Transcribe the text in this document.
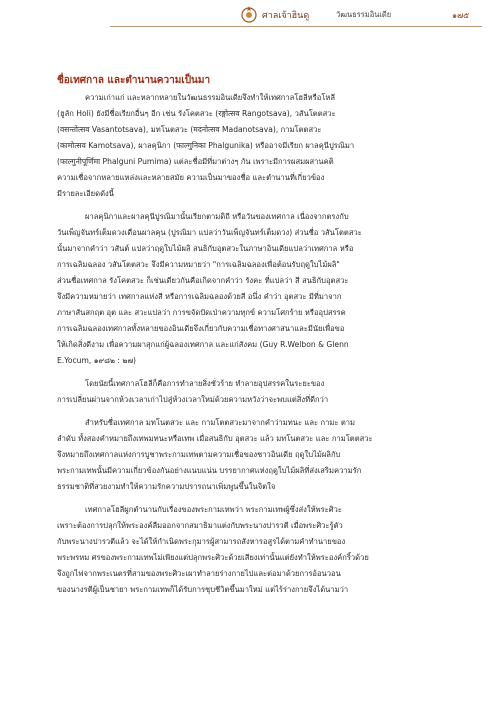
ศาลเจ้าฮินดู	วัฒนธรรมอินเดีย	๑๗๕
ชื่อเทศกาล และตำนานความเป็นมา

ความเก่าแก่ และหลากหลายในวัฒนธรรมอินเดียจึงทำให้เทศกาลโฮลีหรือโหลี
(ฮูลัก Holi) ยังมีชื่อเรียกอื่นๆ อีก เช่น รังโคตสวะ (रङ्गोत्सव Rangotsava), วสันโตตสวะ
(वसन्तोत्सव Vasantotsava), มทโนตสวะ (मदनोत्सव Madanotsava), กามโตตสวะ
(कामोत्सव Kamotsava), ผาลคุนิกา (फाल्गुनिका Phalgunika) หรืออาจมีเรียก ผาลคุนีปูรณิมา
(फाल्गुनीपूर्णिमा Phalguni Pumima) แต่ละชื่อมีที่มาต่างๆ กัน เพราะมีการผสมผสานคติ
ความเชื่อจากหลายแหล่งและหลายสมัย ความเป็นมาของชื่อ และตำนานที่เกี่ยวข้อง
มีรายละเอียดดังนี้

ผาลคุนิกาและผาลคุนีปูรณิมานั้นเรียกตามดิถี หรือวันของเทศกาล เนื่องจากตรงกับ
วันเพ็ญจันทร์เต็มดวงเดือนผาลคุน (ปูรณิมา แปลว่าวันเพ็ญจันทร์เต็มดวง) ส่วนชื่อ วสันโตตสวะ
นั้นมาจากคำว่า วสันต์ แปลว่าฤดูใบไม้ผลิ สนธิกับอุตสวะในภาษาอินเดียแปลว่าเทศกาล หรือ
การเฉลิมฉลอง วสันโตตสวะ จึงมีความหมายว่า "การเฉลิมฉลองเพื่อต้อนรับฤดูใบไม้ผลิ"
ส่วนชื่อเทศกาล รังโคตสวะ ก็เช่นเดียวกันคือเกิดจากคำว่า รังคะ ที่แปลว่า สี สนธิกับอุตสวะ
จึงมีความหมายว่า เทศกาลแห่งสี หรือการเฉลิมฉลองด้วยสี อนึ่ง คำว่า อุตสวะ มีที่มาจาก
ภาษาสันสกฤต อุต และ สวะแปลว่า การขจัดปัดเป่าความทุกข์ ความโศกร้าย หรืออุปสรรค
การเฉลิมฉลองเทศกาลทั้งหลายของอินเดียจึงเกี่ยวกับความเชื่อทางศาสนาและมีนัยเพื่อขอ
ให้เกิดสิ่งดีงาม เพื่อความผาสุกแก่ผู้ฉลองเทศกาล และแก่สังคม (Guy R.Welbon & Glenn
E.Yocum, ๑๙๘๒ : ๒๗)

โดยนัยนี้เทศกาลโฮลีก็คือการทำลายสิ่งชั่วร้าย ทำลายอุปสรรคในระยะของ
การเปลี่ยนผ่านจากห้วงเวลาเก่าไปสู่ห้วงเวลาใหม่ด้วยความหวังว่าจะพบแต่สิ่งที่ดีกว่า

สำหรับชื่อเทศกาล มทโนตสวะ และ กามโตตสวะมาจากคำว่ามทนะ และ กามะ ตาม
ลำดับ ทั้งสองคำหมายถึงเทพมทนะหรือเทพ เมื่อสนธิกับ อุตสวะ แล้ว มทโนตสวะ และ กามโตตสวะ
จึงหมายถึงเทศกาลแห่งการบูชาพระกามเทพตามความเชื่อของชาวอินเดีย ฤดูใบไม้ผลิกับ
พระกามเทพนั้นมีความเกี่ยวข้องกันอย่างแนบแน่น บรรยากาศแห่งฤดูใบไม้ผลิที่ส่งเสริมความรัก
ธรรมชาติที่สวยงามทำให้ความรักความปรารถนาเพิ่มพูนขึ้นในจิตใจ

เทศกาลโฮลีผูกตำนานกับเรื่องของพระกามเทพว่า พระกามเทพผู้ซึ่งส่งให้พระศิวะ
เพราะต้องการปลุกให้พระองค์ลืมออกจากสมาธิมาแต่งกับพระนางปารวตี เมื่อพระศิวะรู้ตัว
กับพระนางปารวตีแล้ว จะได้ให้กำเนิดพระกุมารผู้สามารถสังหารอสูรได้ตามคำทำนายของ
พระพรหม ศรของพระกามเทพไม่เพียงแต่ปลุกพระศิวะด้วยเสียงเท่านั้นแต่ยังทำให้พระองค์กริ้วด้วย
จึงถูกไฟจากพระเนตรที่สามของพระศิวะเผาทำลายร่างกายไปและต่อมาด้วยการอ้อนวอน
ของนางรตีผู้เป็นชายา พระกามเทพก็ได้รับการชุบชีวิตขึ้นมาใหม่ แต่ไร้ร่างกายจึงได้นามว่า
